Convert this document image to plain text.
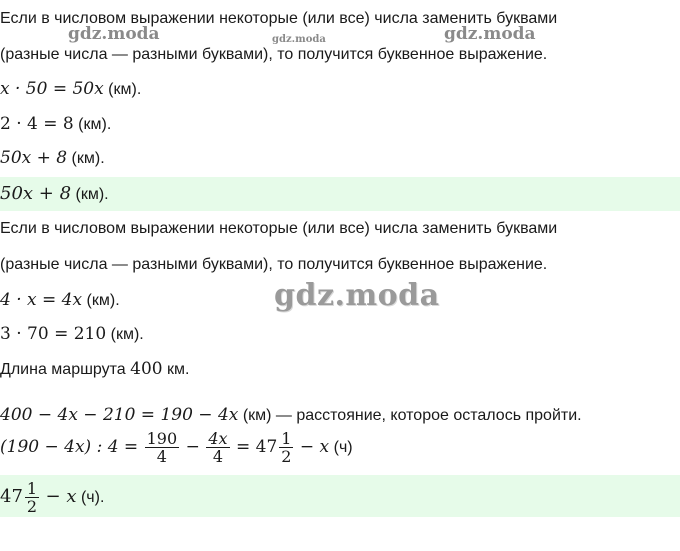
Если в числовом выражении некоторые (или все) числа заменить буквами
(разные числа — разными буквами), то получится буквенное выражение.
x · 50 = 50x (км).
2 · 4 = 8 (км).
50x + 8 (км).
50x + 8 (км).
Если в числовом выражении некоторые (или все) числа заменить буквами
(разные числа — разными буквами), то получится буквенное выражение.
4 · x = 4x (км).
3 · 70 = 210 (км).
Длина маршрута 400 км.
400 − 4x − 210 = 190 − 4x (км) — расстояние, которое осталось пройти.
(190 − 4x) : $4 = \frac{190}{4} - \frac{4x}{4} = 47 \frac{1}{2} - x$ (ч)
$47 \frac{1}{2} - x$ (ч).
gdz.moda	gdz.moda	gdz.moda
gdz.moda
